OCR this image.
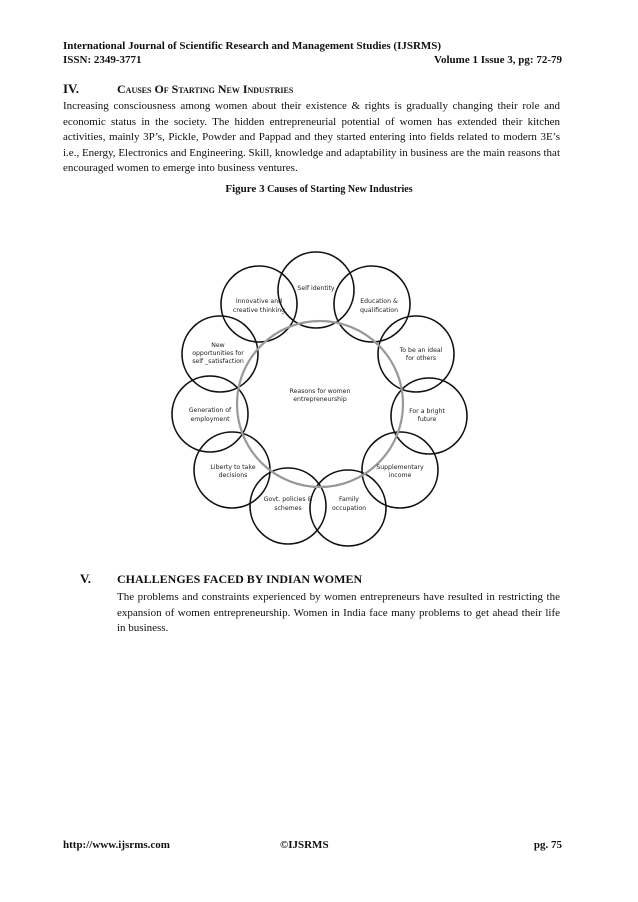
International Journal of Scientific Research and Management Studies (IJSRMS)
ISSN: 2349-3771	Volume 1 Issue 3, pg: 72-79
IV.	Causes Of Starting New Industries
Increasing consciousness among women about their existence & rights is gradually changing their role and economic status in the society. The hidden entrepreneurial potential of women has extended their kitchen activities, mainly 3P’s, Pickle, Powder and Pappad and they started entering into fields related to modern 3E’s i.e., Energy, Electronics and Engineering. Skill, knowledge and adaptability in business are the main reasons that encouraged women to emerge into business ventures.
Figure 3 Causes of Starting New Industries
Reasons for women
entrepreneurship
Self identity
Education &
qualification
To be an ideal
for others
For a bright
future
Supplementary
income
Family
occupation
Govt. policies &
schemes
Liberty to take
decisions
Generation of
employment
New
opportunities for
self _satisfaction
Innovative and
creative thinking
V. CHALLENGES FACED BY INDIAN WOMEN
The problems and constraints experienced by women entrepreneurs have resulted in restricting the expansion of women entrepreneurship. Women in India face many problems to get ahead their life in business.
http://www.ijsrms.com	©IJSRMS	pg. 75
